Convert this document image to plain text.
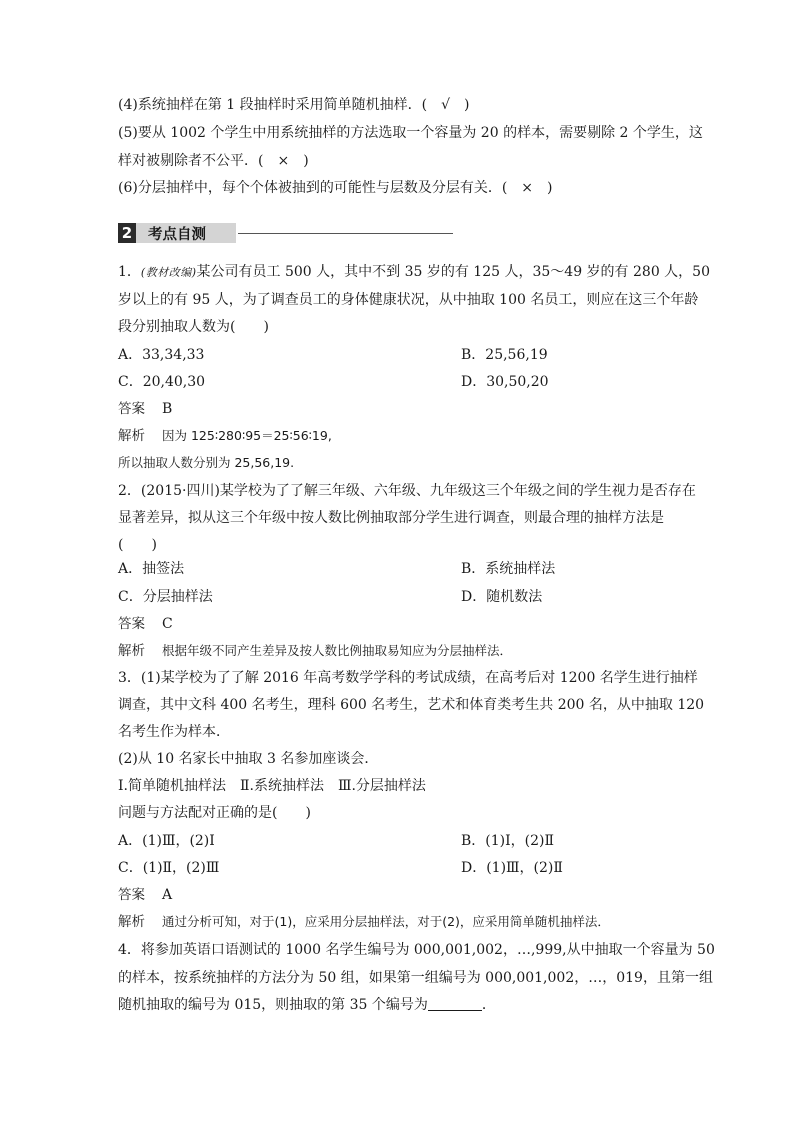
(4)系统抽样在第 1 段抽样时采用简单随机抽样．(　√　)
(5)要从 1002 个学生中用系统抽样的方法选取一个容量为 20 的样本，需要剔除 2 个学生，这
样对被剔除者不公平．(　×　)
(6)分层抽样中，每个个体被抽到的可能性与层数及分层有关．(　×　)
2	考点自测
1．(教材改编)某公司有员工 500 人，其中不到 35 岁的有 125 人，35～49 岁的有 280 人，50
岁以上的有 95 人，为了调查员工的身体健康状况，从中抽取 100 名员工，则应在这三个年龄
段分别抽取人数为(　　)
A．33,34,33	B．25,56,19
C．20,40,30	D．30,50,20
答案 B
解析 因为 125∶280∶95＝25∶56∶19,
所以抽取人数分别为 25,56,19.
2．(2015·四川)某学校为了了解三年级、六年级、九年级这三个年级之间的学生视力是否存在
显著差异，拟从这三个年级中按人数比例抽取部分学生进行调查，则最合理的抽样方法是
(　　)
A．抽签法	B．系统抽样法
C．分层抽样法	D．随机数法
答案 C
解析 根据年级不同产生差异及按人数比例抽取易知应为分层抽样法．
3．(1)某学校为了了解 2016 年高考数学学科的考试成绩，在高考后对 1200 名学生进行抽样
调查，其中文科 400 名考生，理科 600 名考生，艺术和体育类考生共 200 名，从中抽取 120
名考生作为样本．
(2)从 10 名家长中抽取 3 名参加座谈会．
Ⅰ.简单随机抽样法　Ⅱ.系统抽样法　Ⅲ.分层抽样法
问题与方法配对正确的是(　　)
A．(1)Ⅲ，(2)Ⅰ	B．(1)Ⅰ，(2)Ⅱ
C．(1)Ⅱ，(2)Ⅲ	D．(1)Ⅲ，(2)Ⅱ
答案 A
解析 通过分析可知，对于(1)，应采用分层抽样法，对于(2)，应采用简单随机抽样法．
4．将参加英语口语测试的 1000 名学生编号为 000,001,002，…,999,从中抽取一个容量为 50
的样本，按系统抽样的方法分为 50 组，如果第一组编号为 000,001,002，…，019，且第一组
随机抽取的编号为 015，则抽取的第 35 个编号为	．
